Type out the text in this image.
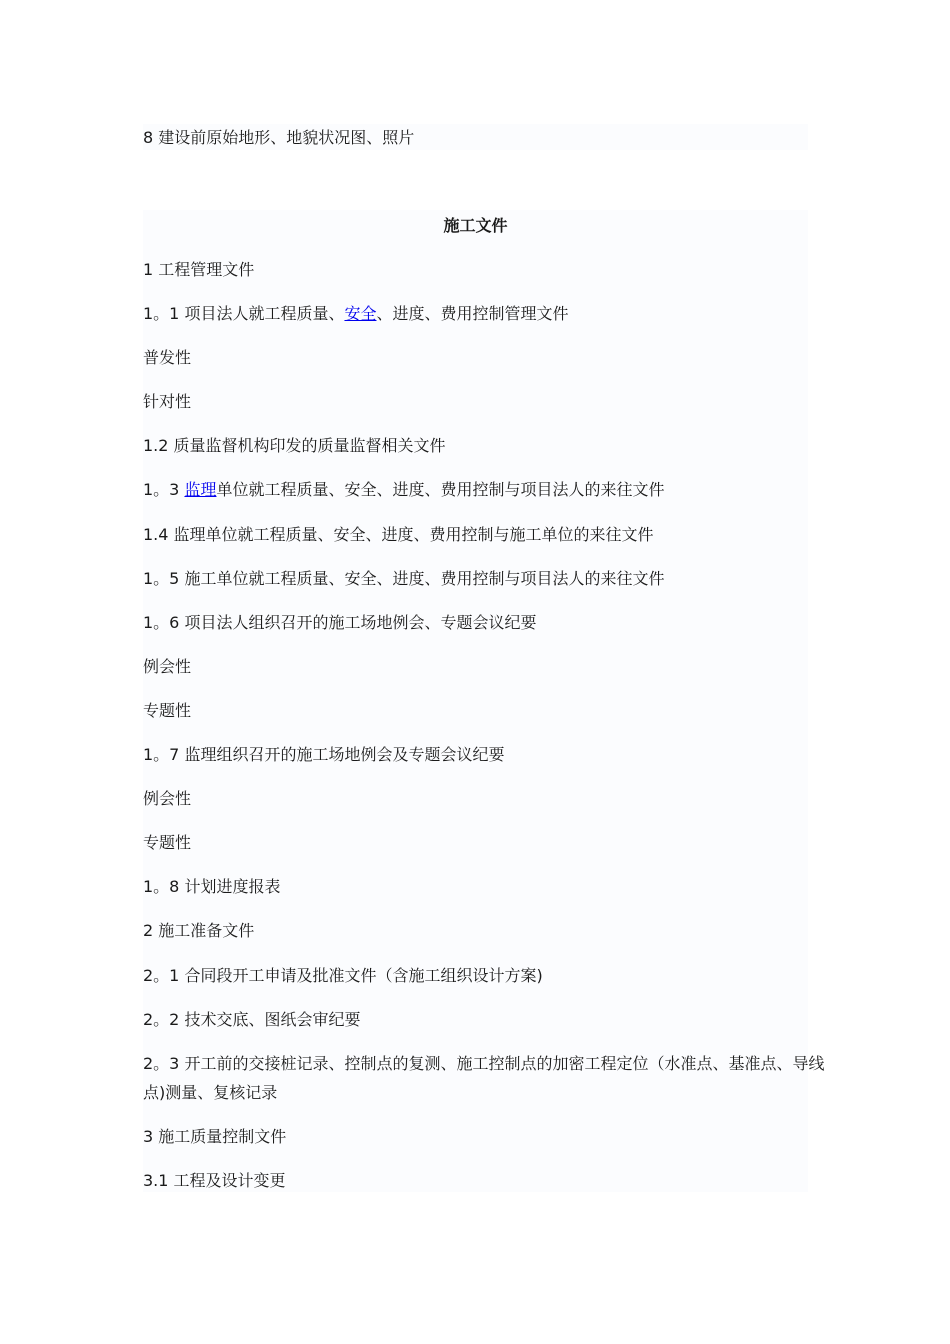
8 建设前原始地形、地貌状况图、照片

施工文件

1 工程管理文件

1。1 项目法人就工程质量、安全、进度、费用控制管理文件

普发性

针对性

1.2 质量监督机构印发的质量监督相关文件

1。3 监理单位就工程质量、安全、进度、费用控制与项目法人的来往文件

1.4 监理单位就工程质量、安全、进度、费用控制与施工单位的来往文件

1。5 施工单位就工程质量、安全、进度、费用控制与项目法人的来往文件

1。6 项目法人组织召开的施工场地例会、专题会议纪要

例会性

专题性

1。7 监理组织召开的施工场地例会及专题会议纪要

例会性

专题性

1。8 计划进度报表

2 施工准备文件

2。1 合同段开工申请及批准文件（含施工组织设计方案)

2。2 技术交底、图纸会审纪要

2。3 开工前的交接桩记录、控制点的复测、施工控制点的加密工程定位（水准点、基准点、导线点)测量、复核记录

3 施工质量控制文件

3.1 工程及设计变更
